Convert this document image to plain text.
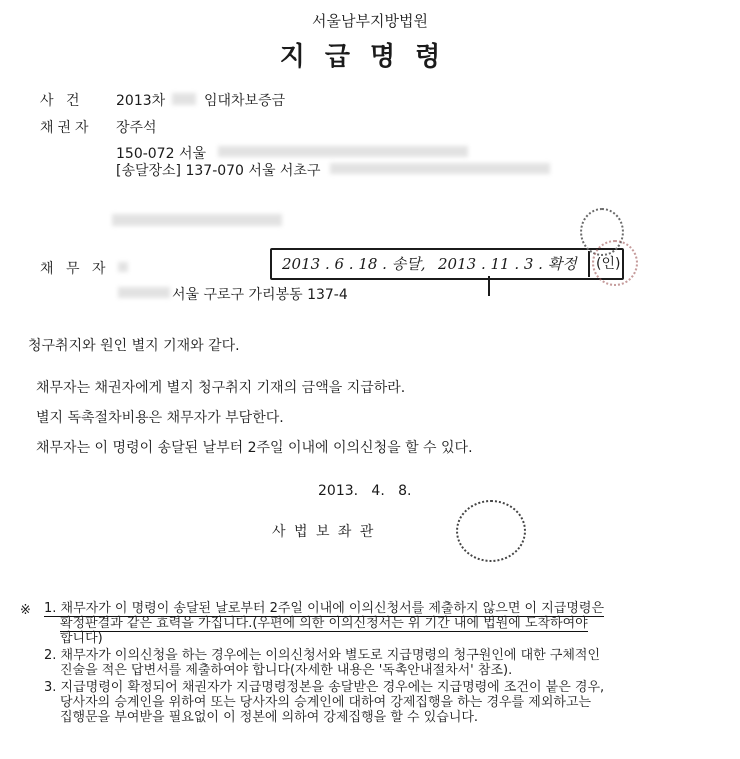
서울남부지방법원
지급명령
사 건 2013차	임대차보증금
채권자 장주석
150-072 서울
[송달장소] 137-070 서울 서초구
채 무 자
서울 구로구 가리봉동 137-4
2013 . 6 . 18 . 송달, 2013 . 11 . 3 . 확정 (인)
청구취지와 원인 별지 기재와 같다.
채무자는 채권자에게 별지 청구취지 기재의 금액을 지급하라.
별지 독촉절차비용은 채무자가 부담한다.
채무자는 이 명령이 송달된 날부터 2주일 이내에 이의신청을 할 수 있다.
2013.   4.   8.
사 법 보 좌 관
※ 1. 채무자가 이 명령이 송달된 날로부터 2주일 이내에 이의신청서를 제출하지 않으면 이 지급명령은
확정판결과 같은 효력을 가집니다.(우편에 의한 이의신청서는 위 기간 내에 법원에 도착하여야
합니다)
2. 채무자가 이의신청을 하는 경우에는 이의신청서와 별도로 지급명령의 청구원인에 대한 구체적인
진술을 적은 답변서를 제출하여야 합니다(자세한 내용은 '독촉안내절차서' 참조).
3. 지급명령이 확정되어 채권자가 지급명령정본을 송달받은 경우에는 지급명령에 조건이 붙은 경우,
당사자의 승계인을 위하여 또는 당사자의 승계인에 대하여 강제집행을 하는 경우를 제외하고는
집행문을 부여받을 필요없이 이 정본에 의하여 강제집행을 할 수 있습니다.
